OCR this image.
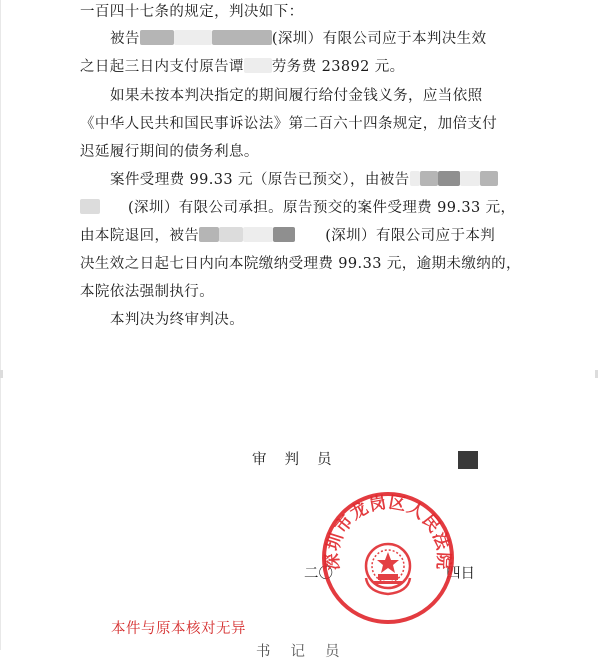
一百四十七条的规定，判决如下：

被告	(深圳）有限公司应于本判决生效

之日起三日内支付原告谭 劳务费 23892 元。

如果未按本判决指定的期间履行给付金钱义务，应当依照

《中华人民共和国民事诉讼法》第二百六十四条规定，加倍支付

迟延履行期间的债务利息。

案件受理费 99.33 元（原告已预交），由被告

(深圳）有限公司承担。原告预交的案件受理费 99.33 元，

由本院退回，被告	(深圳）有限公司应于本判

决生效之日起七日内向本院缴纳受理费 99.33 元，逾期未缴纳的，

本院依法强制执行。

本判决为终审判决。

审判员
二〇	四日
深圳市龙岗区人民法院
本件与原本核对无异
书记员
